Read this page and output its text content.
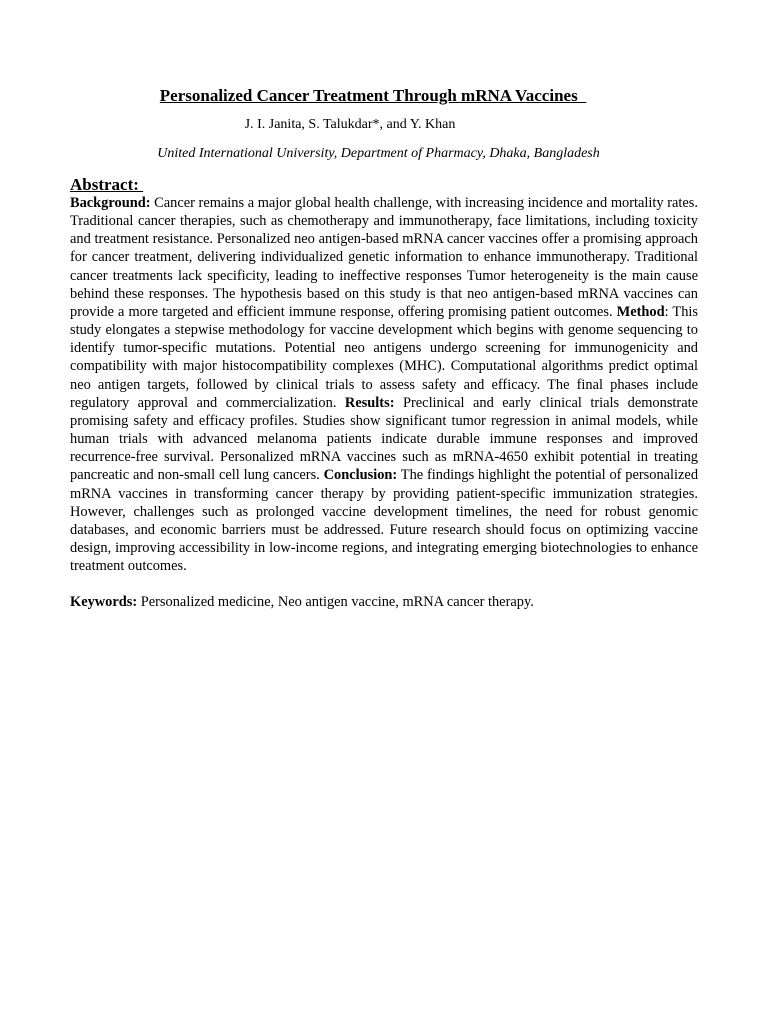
Personalized Cancer Treatment Through mRNA Vaccines
J. I. Janita, S. Talukdar*, and Y. Khan
United International University, Department of Pharmacy, Dhaka, Bangladesh
Abstract:
Background: Cancer remains a major global health challenge, with increasing incidence and mortality rates. Traditional cancer therapies, such as chemotherapy and immunotherapy, face limitations, including toxicity and treatment resistance. Personalized neo antigen-based mRNA cancer vaccines offer a promising approach for cancer treatment, delivering individualized genetic information to enhance immunotherapy. Traditional cancer treatments lack specificity, leading to ineffective responses Tumor heterogeneity is the main cause behind these responses. The hypothesis based on this study is that neo antigen-based mRNA vaccines can provide a more targeted and efficient immune response, offering promising patient outcomes. Method: This study elongates a stepwise methodology for vaccine development which begins with genome sequencing to identify tumor-specific mutations. Potential neo antigens undergo screening for immunogenicity and compatibility with major histocompatibility complexes (MHC). Computational algorithms predict optimal neo antigen targets, followed by clinical trials to assess safety and efficacy. The final phases include regulatory approval and commercialization. Results: Preclinical and early clinical trials demonstrate promising safety and efficacy profiles. Studies show significant tumor regression in animal models, while human trials with advanced melanoma patients indicate durable immune responses and improved recurrence-free survival. Personalized mRNA vaccines such as mRNA-4650 exhibit potential in treating pancreatic and non-small cell lung cancers. Conclusion: The findings highlight the potential of personalized mRNA vaccines in transforming cancer therapy by providing patient-specific immunization strategies. However, challenges such as prolonged vaccine development timelines, the need for robust genomic databases, and economic barriers must be addressed. Future research should focus on optimizing vaccine design, improving accessibility in low-income regions, and integrating emerging biotechnologies to enhance treatment outcomes.
Keywords: Personalized medicine, Neo antigen vaccine, mRNA cancer therapy.
